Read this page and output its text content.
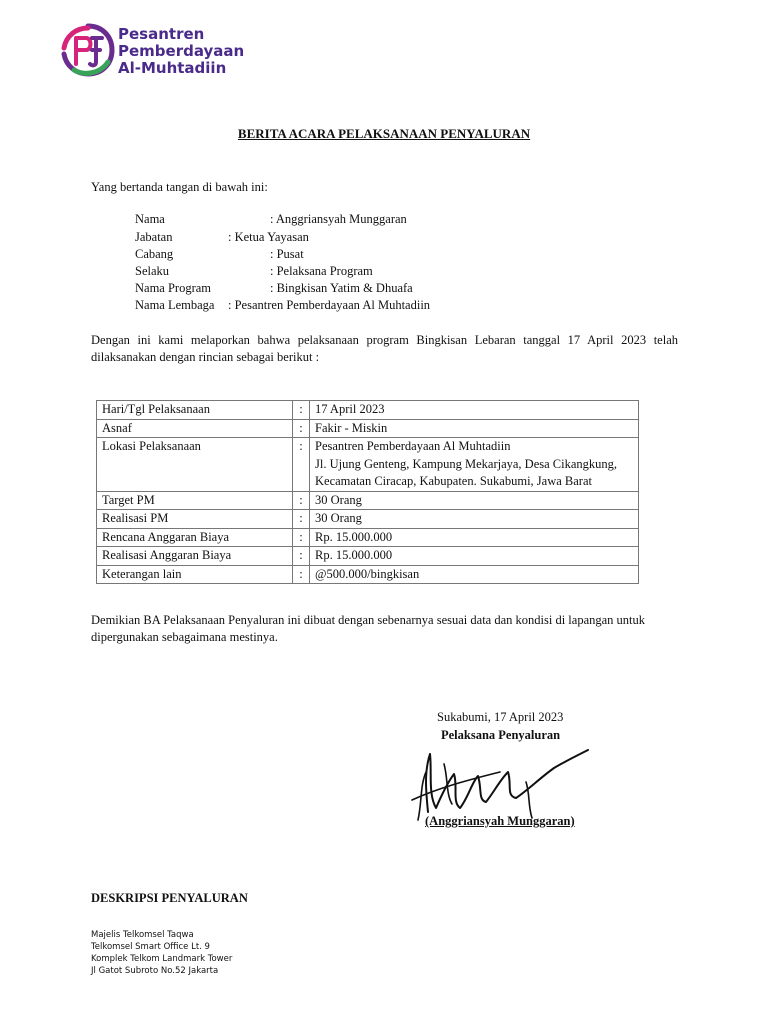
Pesantren
Pemberdayaan
Al-Muhtadiin
BERITA ACARA PELAKSANAAN PENYALURAN
Yang bertanda tangan di bawah ini:
Nama	: Anggriansyah Munggaran
Jabatan	: Ketua Yayasan
Cabang	: Pusat
Selaku	: Pelaksana Program
Nama Program	: Bingkisan Yatim & Dhuafa
Nama Lembaga : Pesantren Pemberdayaan Al Muhtadiin
Dengan ini kami melaporkan bahwa pelaksanaan program Bingkisan Lebaran tanggal 17 April 2023 telah dilaksanakan dengan rincian sebagai berikut :
Hari/Tgl Pelaksanaan	:	17 April 2023
Asnaf	:	Fakir - Miskin
Lokasi Pelaksanaan	:	Pesantren Pemberdayaan Al Muhtadiin
Jl. Ujung Genteng, Kampung Mekarjaya, Desa Cikangkung,
Kecamatan Ciracap, Kabupaten. Sukabumi, Jawa Barat

Target PM	:	30 Orang
Realisasi PM	:	30 Orang
Rencana Anggaran Biaya	:	Rp. 15.000.000
Realisasi Anggaran Biaya	:	Rp. 15.000.000
Keterangan lain	:	@500.000/bingkisan
Demikian BA Pelaksanaan Penyaluran ini dibuat dengan sebenarnya sesuai data dan kondisi di lapangan untuk dipergunakan sebagaimana mestinya.
Sukabumi, 17 April 2023
Pelaksana Penyaluran
(Anggriansyah Munggaran)
DESKRIPSI PENYALURAN
Majelis Telkomsel Taqwa
Telkomsel Smart Office Lt. 9
Komplek Telkom Landmark Tower
Jl Gatot Subroto No.52 Jakarta
